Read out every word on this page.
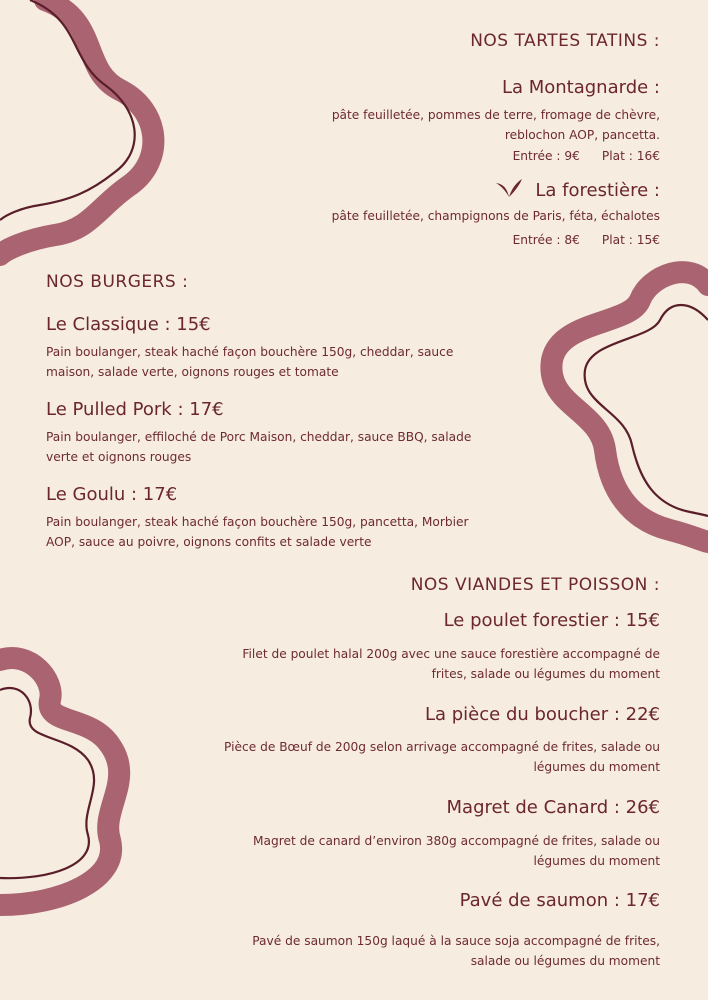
NOS TARTES TATINS :
La Montagnarde :
pâte feuilletée, pommes de terre, fromage de chèvre,
reblochon AOP, pancetta.
Entrée : 9€ Plat : 16€
La forestière :
pâte feuilletée, champignons de Paris, féta, échalotes
Entrée : 8€ Plat : 15€
NOS BURGERS :
Le Classique : 15€
Pain boulanger, steak haché façon bouchère 150g, cheddar, sauce
maison, salade verte, oignons rouges et tomate
Le Pulled Pork : 17€
Pain boulanger, effiloché de Porc Maison, cheddar, sauce BBQ, salade
verte et oignons rouges
Le Goulu : 17€
Pain boulanger, steak haché façon bouchère 150g, pancetta, Morbier
AOP, sauce au poivre, oignons confits et salade verte
NOS VIANDES ET POISSON :
Le poulet forestier : 15€
Filet de poulet halal 200g avec une sauce forestière accompagné de
frites, salade ou légumes du moment
La pièce du boucher : 22€
Pièce de Bœuf de 200g selon arrivage accompagné de frites, salade ou
légumes du moment
Magret de Canard : 26€
Magret de canard d’environ 380g accompagné de frites, salade ou
légumes du moment
Pavé de saumon : 17€
Pavé de saumon 150g laqué à la sauce soja accompagné de frites,
salade ou légumes du moment
